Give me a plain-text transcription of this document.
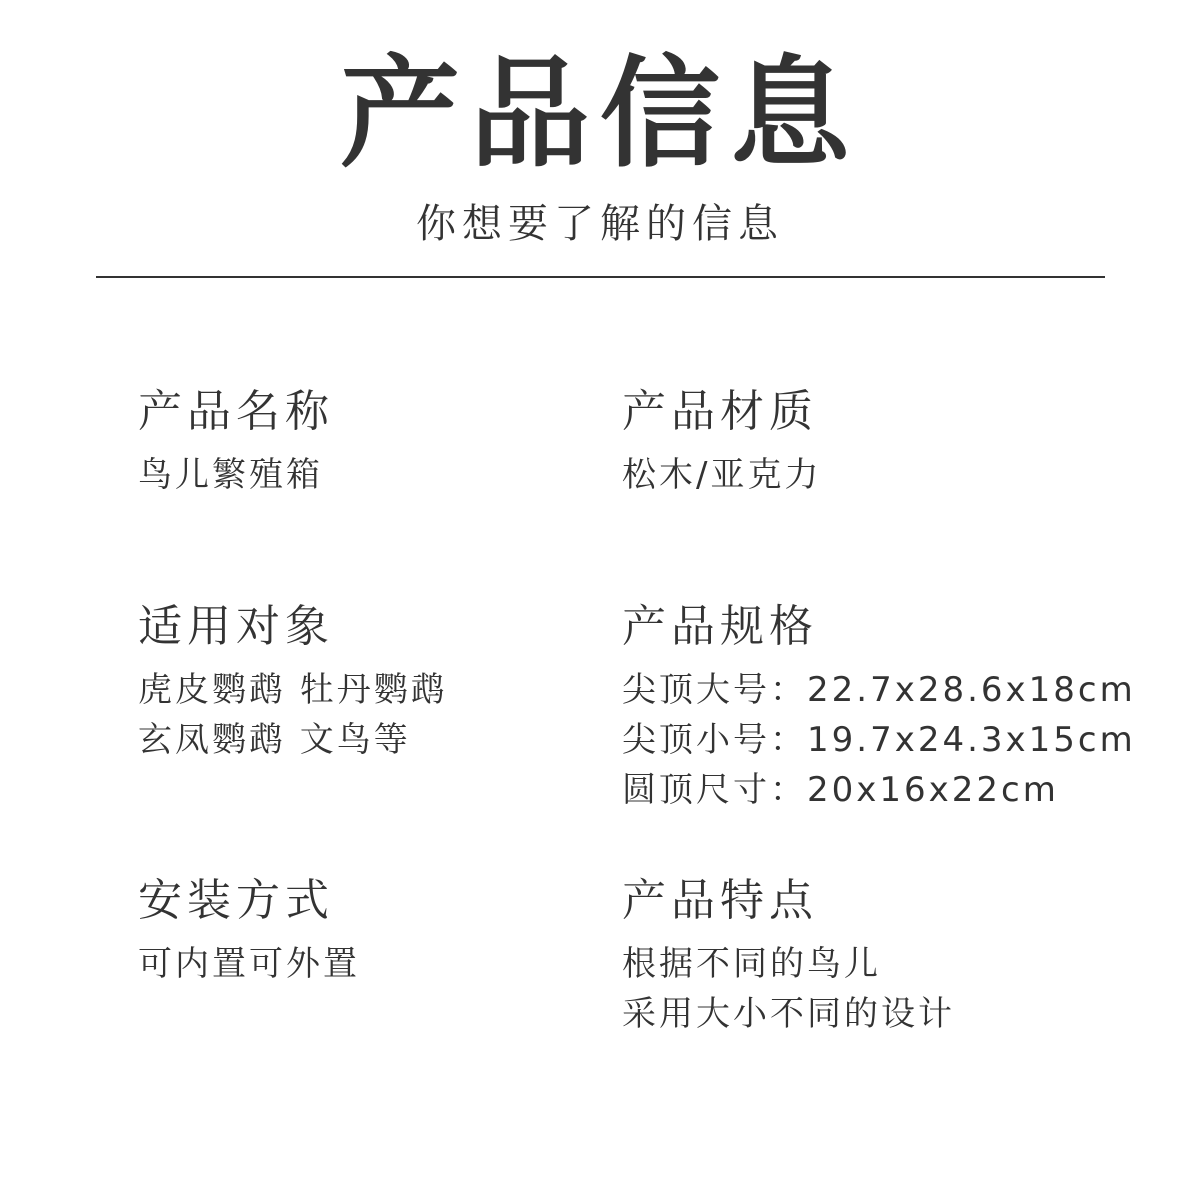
产品信息
你想要了解的信息

产品名称

鸟儿繁殖箱

产品材质

松木/亚克力

适用对象

虎皮鹦鹉 牡丹鹦鹉

玄凤鹦鹉 文鸟等

产品规格

尖顶大号：22.7x28.6x18cm

尖顶小号：19.7x24.3x15cm

圆顶尺寸：20x16x22cm

安装方式

可内置可外置

产品特点

根据不同的鸟儿

采用大小不同的设计
